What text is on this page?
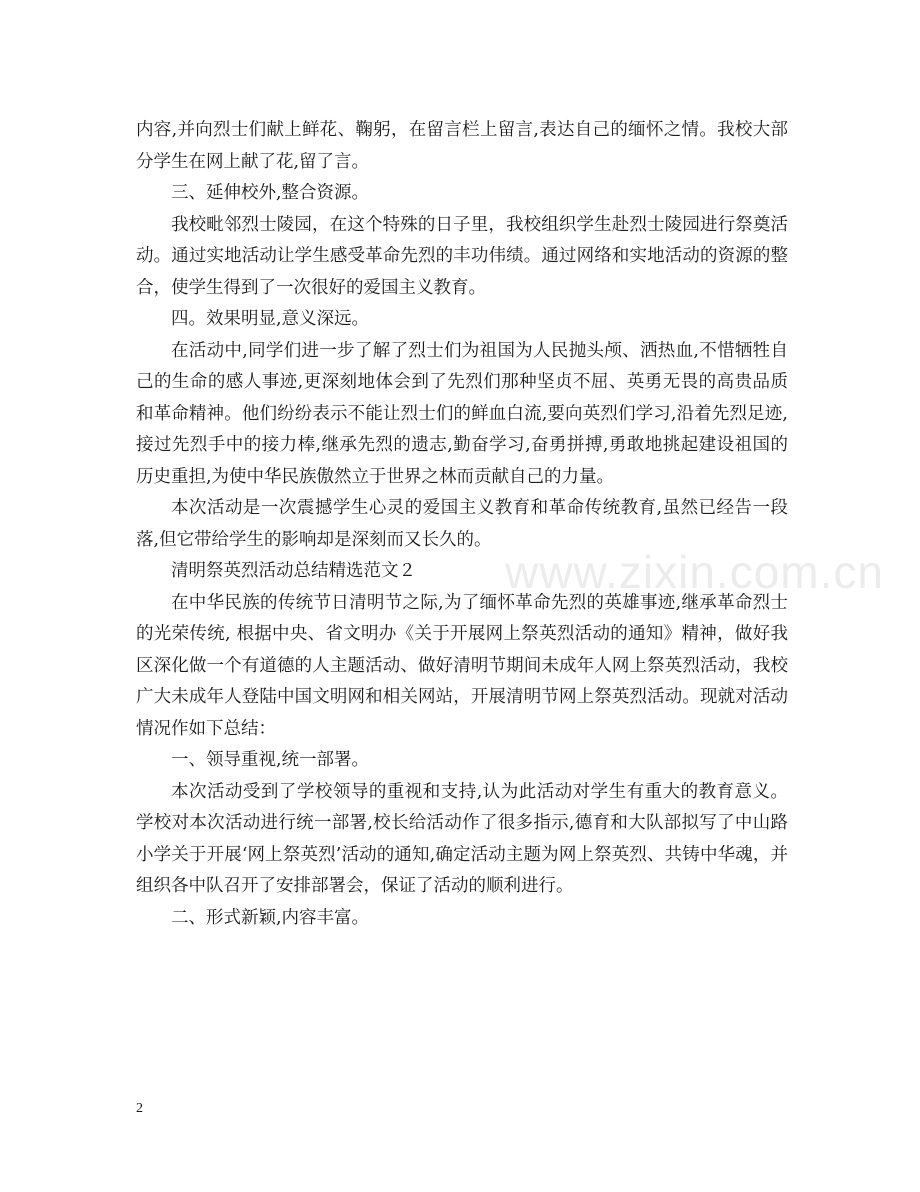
www.zixin.com.cn

内容,并向烈士们献上鲜花、鞠躬，在留言栏上留言,表达自己的缅怀之情。我校大部分学生在网上献了花,留了言。

三、延伸校外,整合资源。

我校毗邻烈士陵园，在这个特殊的日子里，我校组织学生赴烈士陵园进行祭奠活动。通过实地活动让学生感受革命先烈的丰功伟绩。通过网络和实地活动的资源的整合，使学生得到了一次很好的爱国主义教育。

四。效果明显,意义深远。

在活动中,同学们进一步了解了烈士们为祖国为人民抛头颅、洒热血,不惜牺牲自己的生命的感人事迹,更深刻地体会到了先烈们那种坚贞不屈、英勇无畏的高贵品质和革命精神。他们纷纷表示不能让烈士们的鲜血白流,要向英烈们学习,沿着先烈足迹,接过先烈手中的接力棒,继承先烈的遗志,勤奋学习,奋勇拼搏,勇敢地挑起建设祖国的历史重担,为使中华民族傲然立于世界之林而贡献自己的力量。

本次活动是一次震撼学生心灵的爱国主义教育和革命传统教育,虽然已经告一段落,但它带给学生的影响却是深刻而又长久的。

清明祭英烈活动总结精选范文２

在中华民族的传统节日清明节之际,为了缅怀革命先烈的英雄事迹,继承革命烈士的光荣传统, 根据中央、省文明办《关于开展网上祭英烈活动的通知》精神，做好我区深化做一个有道德的人主题活动、做好清明节期间未成年人网上祭英烈活动，我校广大未成年人登陆中国文明网和相关网站，开展清明节网上祭英烈活动。现就对活动情况作如下总结：

一、领导重视,统一部署。

本次活动受到了学校领导的重视和支持,认为此活动对学生有重大的教育意义。学校对本次活动进行统一部署,校长给活动作了很多指示,德育和大队部拟写了中山路小学关于开展‘网上祭英烈’活动的通知,确定活动主题为网上祭英烈、共铸中华魂，并组织各中队召开了安排部署会，保证了活动的顺利进行。

二、形式新颖,内容丰富。

2
